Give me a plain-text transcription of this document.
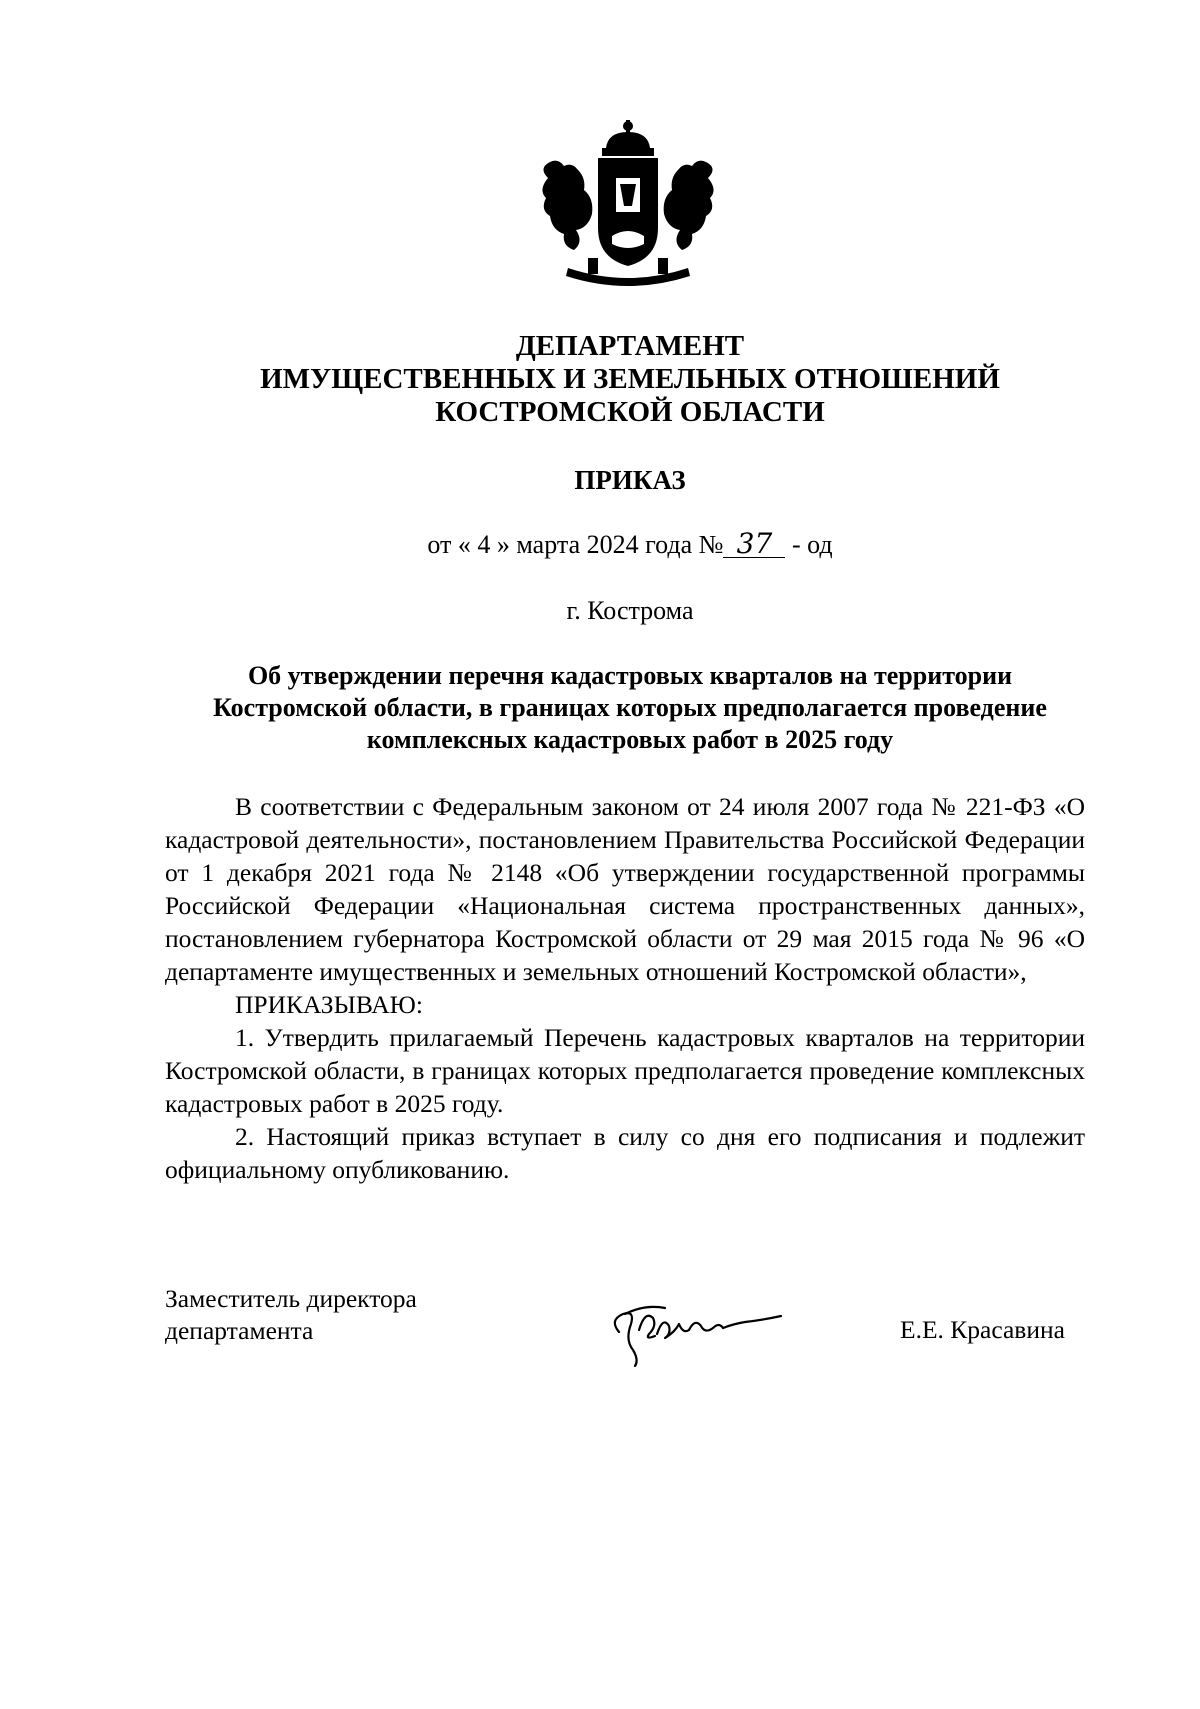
ДЕПАРТАМЕНТ
ИМУЩЕСТВЕННЫХ И ЗЕМЕЛЬНЫХ ОТНОШЕНИЙ
КОСТРОМСКОЙ ОБЛАСТИ
ПРИКАЗ
от « 4 » марта 2024 года № 37 - од
г. Кострома
Об утверждении перечня кадастровых кварталов на территории
Костромской области, в границах которых предполагается проведение
комплексных кадастровых работ в 2025 году

В соответствии с Федеральным законом от 24 июля 2007 года № 221-ФЗ «О кадастровой деятельности», постановлением Правительства Российской Федерации от 1 декабря 2021 года № 2148 «Об утверждении государственной программы Российской Федерации «Национальная система пространственных данных», постановлением губернатора Костромской области от 29 мая 2015 года № 96 «О департаменте имущественных и земельных отношений Костромской области»,

ПРИКАЗЫВАЮ:

1. Утвердить прилагаемый Перечень кадастровых кварталов на территории Костромской области, в границах которых предполагается проведение комплексных кадастровых работ в 2025 году.

2. Настоящий приказ вступает в силу со дня его подписания и подлежит официальному опубликованию.

Заместитель директора
департамента	Е.Е. Красавина
